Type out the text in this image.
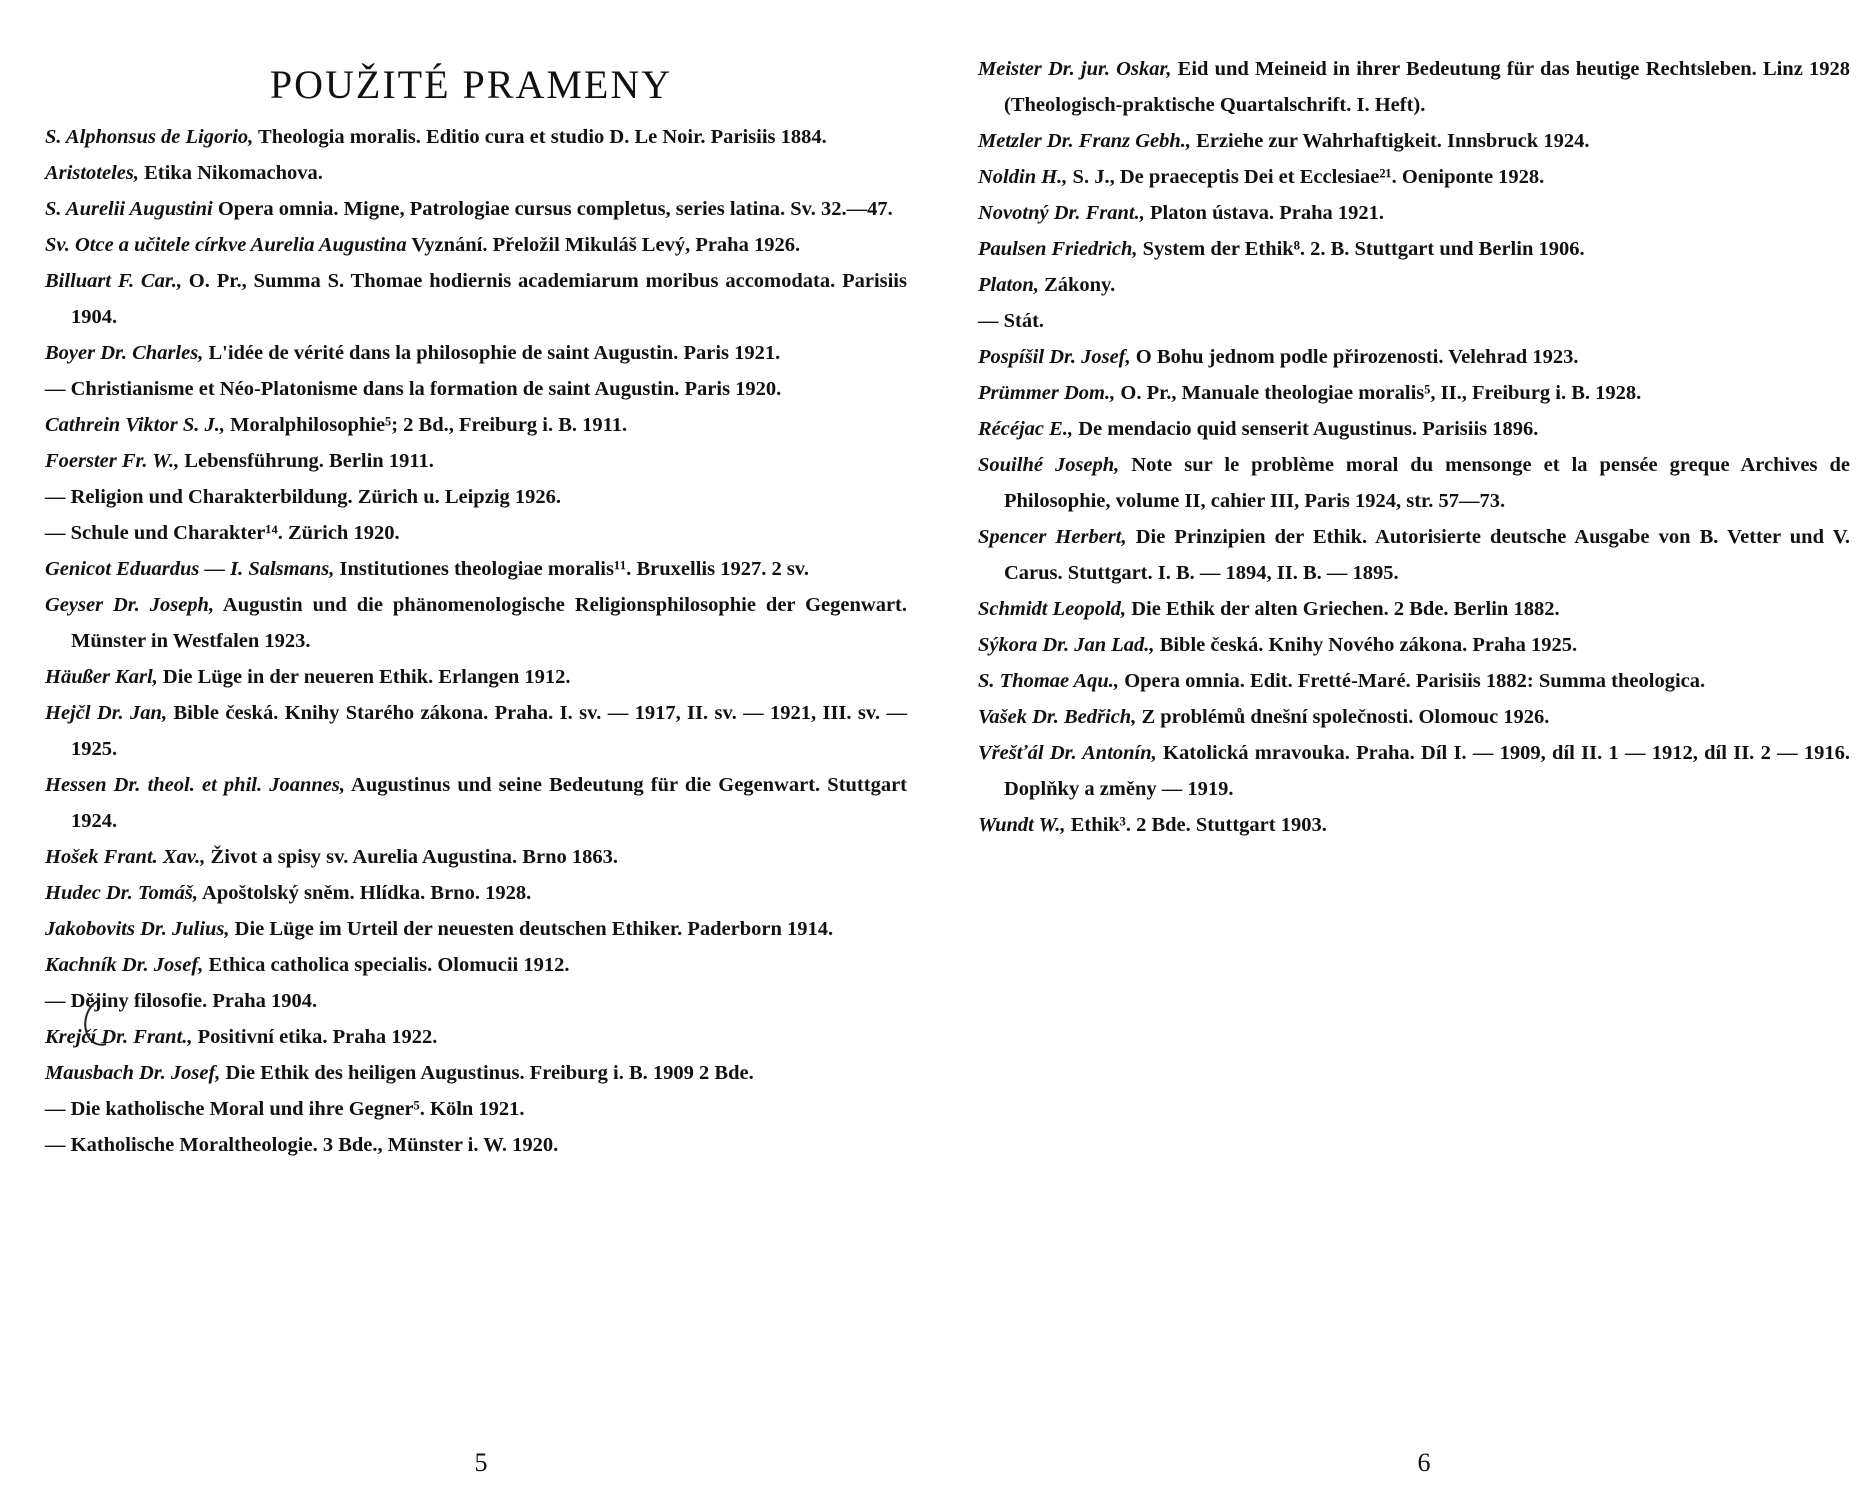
POUŽITÉ PRAMENY
S. Alphonsus de Ligorio, Theologia moralis. Editio cura et studio D. Le Noir. Parisiis 1884.
Aristoteles, Etika Nikomachova.
S. Aurelii Augustini Opera omnia. Migne, Patrologiae cursus completus, series latina. Sv. 32.—47.
Sv. Otce a učitele církve Aurelia Augustina Vyznání. Přeložil Mikuláš Levý, Praha 1926.
Billuart F. Car., O. Pr., Summa S. Thomae hodiernis academiarum moribus accomodata. Parisiis 1904.
Boyer Dr. Charles, L'idée de vérité dans la philosophie de saint Augustin. Paris 1921.
— Christianisme et Néo-Platonisme dans la formation de saint Augustin. Paris 1920.
Cathrein Viktor S. J., Moralphilosophie⁵; 2 Bd., Freiburg i. B. 1911.
Foerster Fr. W., Lebensführung. Berlin 1911.
— Religion und Charakterbildung. Zürich u. Leipzig 1926.
— Schule und Charakter¹⁴. Zürich 1920.
Genicot Eduardus — I. Salsmans, Institutiones theologiae moralis¹¹. Bruxellis 1927. 2 sv.
Geyser Dr. Joseph, Augustin und die phänomenologische Religionsphilosophie der Gegenwart. Münster in Westfalen 1923.
Häußer Karl, Die Lüge in der neueren Ethik. Erlangen 1912.
Hejčl Dr. Jan, Bible česká. Knihy Starého zákona. Praha. I. sv. — 1917, II. sv. — 1921, III. sv. — 1925.
Hessen Dr. theol. et phil. Joannes, Augustinus und seine Bedeutung für die Gegenwart. Stuttgart 1924.
Hošek Frant. Xav., Život a spisy sv. Aurelia Augustina. Brno 1863.
Hudec Dr. Tomáš, Apoštolský sněm. Hlídka. Brno. 1928.
Jakobovits Dr. Julius, Die Lüge im Urteil der neuesten deutschen Ethiker. Paderborn 1914.
Kachník Dr. Josef, Ethica catholica specialis. Olomucii 1912.
— Dějiny filosofie. Praha 1904.
Krejčí Dr. Frant., Positivní etika. Praha 1922.
Mausbach Dr. Josef, Die Ethik des heiligen Augustinus. Freiburg i. B. 1909 2 Bde.
— Die katholische Moral und ihre Gegner⁵. Köln 1921.
— Katholische Moraltheologie. 3 Bde., Münster i. W. 1920.
5
Meister Dr. jur. Oskar, Eid und Meineid in ihrer Bedeutung für das heutige Rechtsleben. Linz 1928 (Theologisch-praktische Quartalschrift. I. Heft).
Metzler Dr. Franz Gebh., Erziehe zur Wahrhaftigkeit. Innsbruck 1924.
Noldin H., S. J., De praeceptis Dei et Ecclesiae²¹. Oeniponte 1928.
Novotný Dr. Frant., Platon ústava. Praha 1921.
Paulsen Friedrich, System der Ethik⁸. 2. B. Stuttgart und Berlin 1906.
Platon, Zákony.
— Stát.
Pospíšil Dr. Josef, O Bohu jednom podle přirozenosti. Velehrad 1923.
Prümmer Dom., O. Pr., Manuale theologiae moralis⁵, II., Freiburg i. B. 1928.
Récéjac E., De mendacio quid senserit Augustinus. Parisiis 1896.
Souilhé Joseph, Note sur le problème moral du mensonge et la pensée greque Archives de Philosophie, volume II, cahier III, Paris 1924, str. 57—73.
Spencer Herbert, Die Prinzipien der Ethik. Autorisierte deutsche Ausgabe von B. Vetter und V. Carus. Stuttgart. I. B. — 1894, II. B. — 1895.
Schmidt Leopold, Die Ethik der alten Griechen. 2 Bde. Berlin 1882.
Sýkora Dr. Jan Lad., Bible česká. Knihy Nového zákona. Praha 1925.
S. Thomae Aqu., Opera omnia. Edit. Fretté-Maré. Parisiis 1882: Summa theologica.
Vašek Dr. Bedřich, Z problémů dnešní společnosti. Olomouc 1926.
Vřešťál Dr. Antonín, Katolická mravouka. Praha. Díl I. — 1909, díl II. 1 — 1912, díl II. 2 — 1916. Doplňky a změny — 1919.
Wundt W., Ethik³. 2 Bde. Stuttgart 1903.
6
